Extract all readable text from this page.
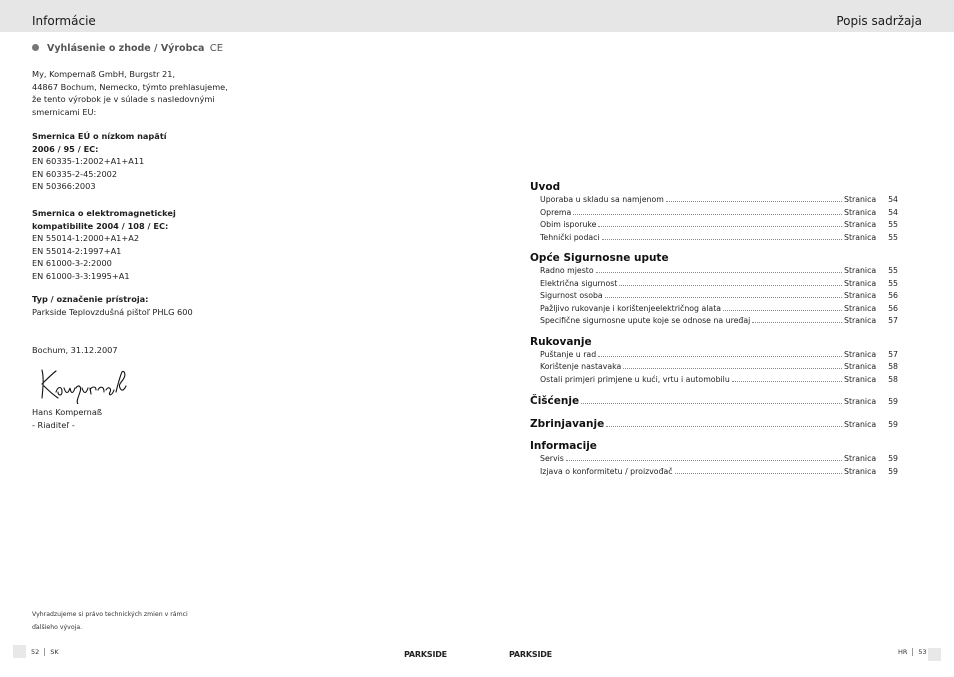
Informácie	Popis sadržaja
Vyhlásenie o zhode / Výrobca CE
My, Kompernaß GmbH, Burgstr 21,
44867 Bochum, Nemecko, týmto prehlasujeme,
že tento výrobok je v súlade s nasledovnými
smernicami EU:
Smernica EÚ o nízkom napätí
2006 / 95 / EC:
EN 60335-1:2002+A1+A11
EN 60335-2-45:2002
EN 50366:2003
Smernica o elektromagnetickej
kompatibilite 2004 / 108 / EC:
EN 55014-1:2000+A1+A2
EN 55014-2:1997+A1
EN 61000-3-2:2000
EN 61000-3-3:1995+A1
Typ / označenie prístroja:
Parkside Teplovzdušná pištoľ PHLG 600
Bochum, 31.12.2007
Hans Kompernaß
- Riaditeľ -
Vyhradzujeme si právo technických zmien v rámci
ďalšieho vývoja.
52 SK	PARKSIDE	PARKSIDE	HR 53
Uvod
Uporaba u skladu sa namjenom	Stranica	54
Oprema	Stranica	54
Obim isporuke	Stranica	55
Tehnički podaci	Stranica	55
Opće Sigurnosne upute
Radno mjesto	Stranica	55
Električna sigurnost	Stranica	55
Sigurnost osoba	Stranica	56
Pažljivo rukovanje i korištenjeelektričnog alata	Stranica	56
Specifične sigurnosne upute koje se odnose na uređaj	Stranica	57
Rukovanje
Puštanje u rad	Stranica	57
Korištenje nastavaka	Stranica	58
Ostali primjeri primjene u kući, vrtu i automobilu	Stranica	58
Čišćenje	Stranica	59
Zbrinjavanje	Stranica	59
Informacije
Servis	Stranica	59
Izjava o konformitetu / proizvođač	Stranica	59
